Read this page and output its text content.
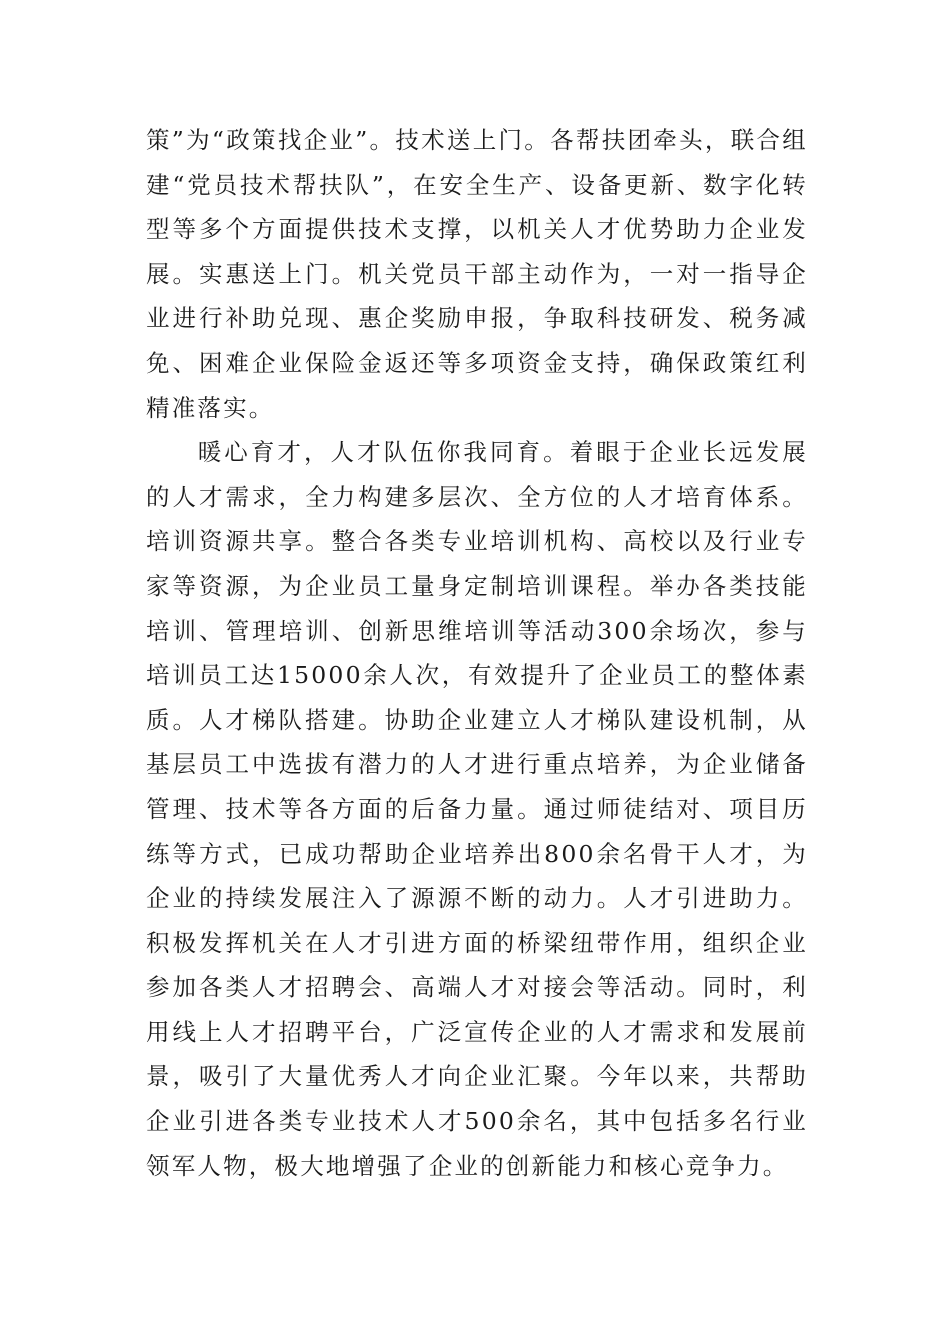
策”为“政策找企业”。技术送上门。各帮扶团牵头，联合组建“党员技术帮扶队”，在安全生产、设备更新、数字化转型等多个方面提供技术支撑，以机关人才优势助力企业发展。实惠送上门。机关党员干部主动作为，一对一指导企业进行补助兑现、惠企奖励申报，争取科技研发、税务减免、困难企业保险金返还等多项资金支持，确保政策红利精准落实。

暖心育才，人才队伍你我同育。着眼于企业长远发展的人才需求，全力构建多层次、全方位的人才培育体系。培训资源共享。整合各类专业培训机构、高校以及行业专家等资源，为企业员工量身定制培训课程。举办各类技能培训、管理培训、创新思维培训等活动300余场次，参与培训员工达15000余人次，有效提升了企业员工的整体素质。人才梯队搭建。协助企业建立人才梯队建设机制，从基层员工中选拔有潜力的人才进行重点培养，为企业储备管理、技术等各方面的后备力量。通过师徒结对、项目历练等方式，已成功帮助企业培养出800余名骨干人才，为企业的持续发展注入了源源不断的动力。人才引进助力。积极发挥机关在人才引进方面的桥梁纽带作用，组织企业参加各类人才招聘会、高端人才对接会等活动。同时，利用线上人才招聘平台，广泛宣传企业的人才需求和发展前景，吸引了大量优秀人才向企业汇聚。今年以来，共帮助企业引进各类专业技术人才500余名，其中包括多名行业领军人物，极大地增强了企业的创新能力和核心竞争力。
